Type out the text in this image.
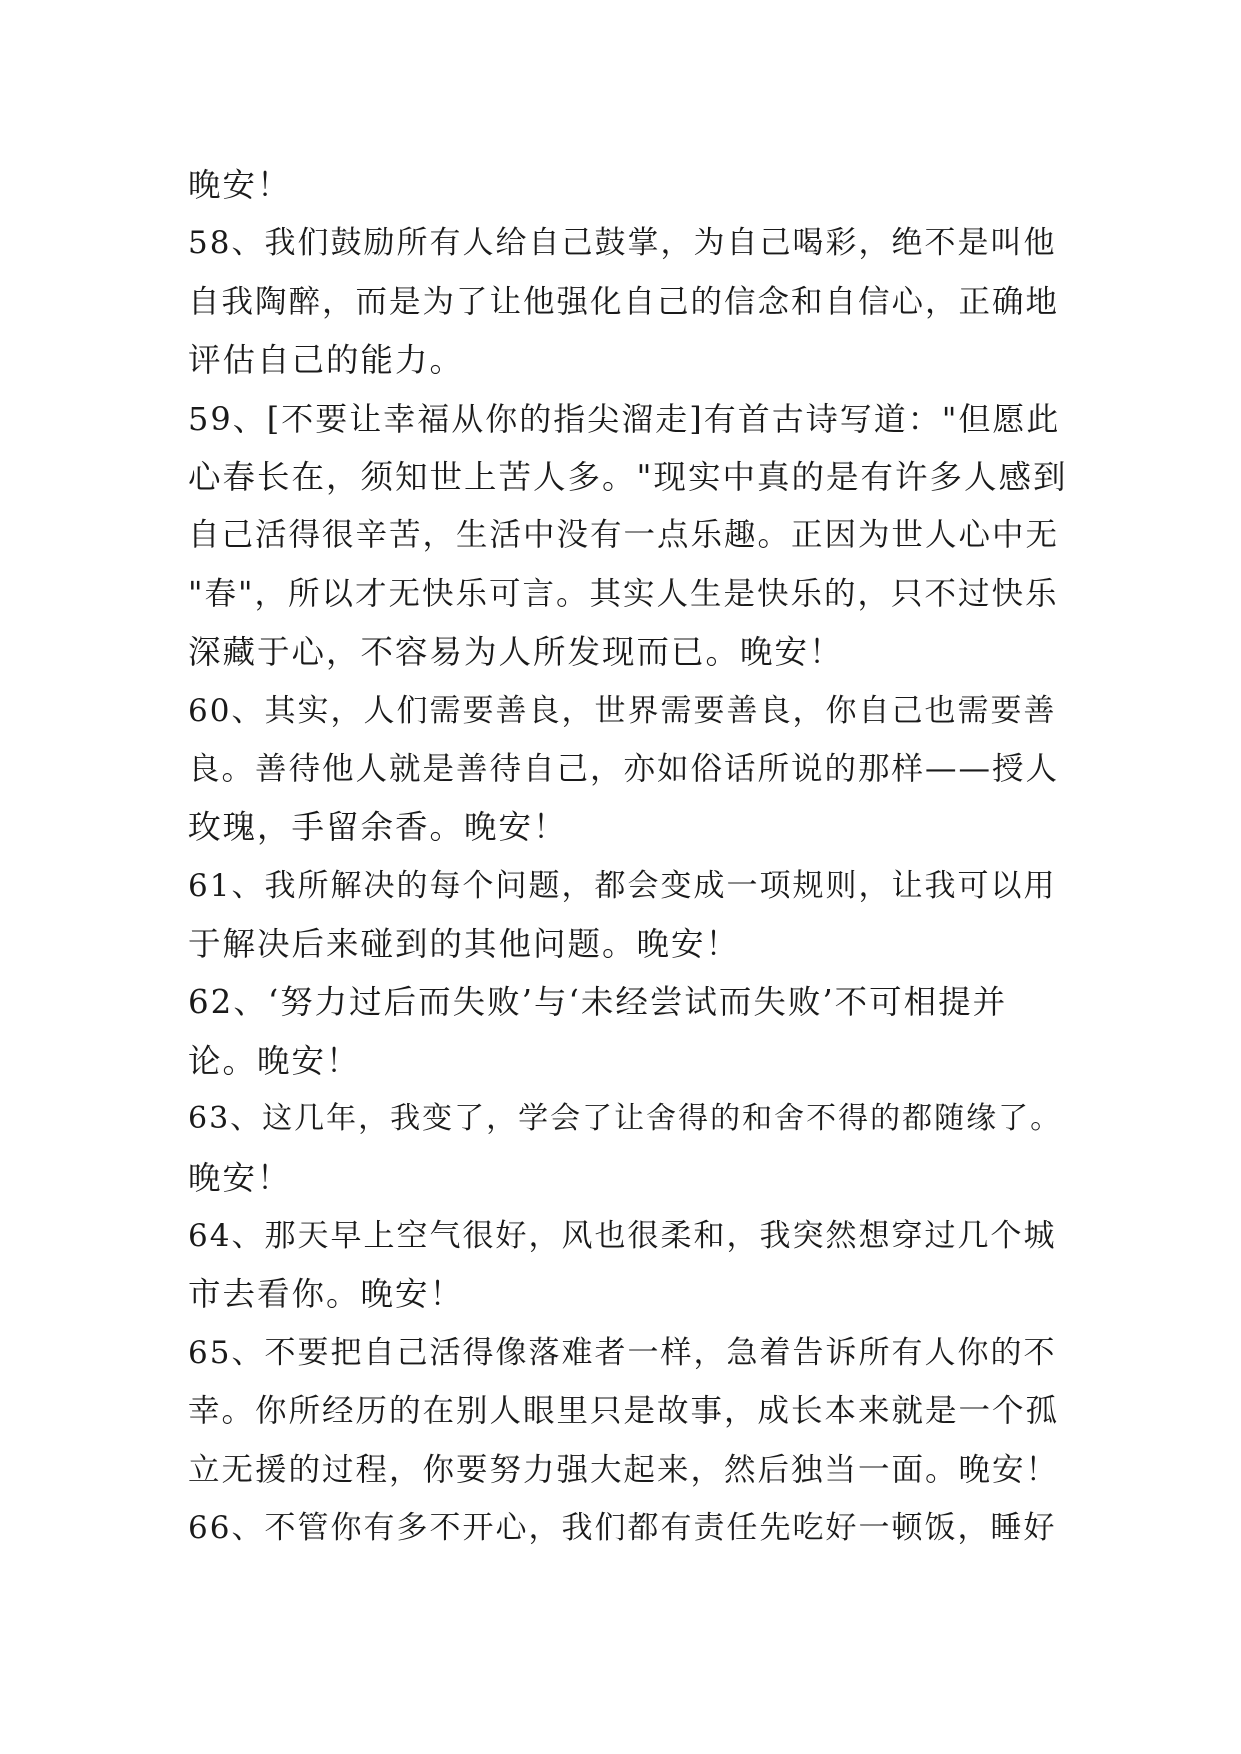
晚安！
58、我们鼓励所有人给自己鼓掌，为自己喝彩，绝不是叫他
自我陶醉，而是为了让他强化自己的信念和自信心，正确地
评估自己的能力。
59、[不要让幸福从你的指尖溜走]有首古诗写道："但愿此
心春长在，须知世上苦人多。"现实中真的是有许多人感到
自己活得很辛苦，生活中没有一点乐趣。正因为世人心中无
"春"，所以才无快乐可言。其实人生是快乐的，只不过快乐
深藏于心，不容易为人所发现而已。晚安！
60、其实，人们需要善良，世界需要善良，你自己也需要善
良。善待他人就是善待自己，亦如俗话所说的那样——授人
玫瑰，手留余香。晚安！
61、我所解决的每个问题，都会变成一项规则，让我可以用
于解决后来碰到的其他问题。晚安！
62、‘努力过后而失败’与‘未经尝试而失败’不可相提并
论。晚安！
63、这几年，我变了，学会了让舍得的和舍不得的都随缘了。
晚安！
64、那天早上空气很好，风也很柔和，我突然想穿过几个城
市去看你。晚安！
65、不要把自己活得像落难者一样，急着告诉所有人你的不
幸。你所经历的在别人眼里只是故事，成长本来就是一个孤
立无援的过程，你要努力强大起来，然后独当一面。晚安！
66、不管你有多不开心，我们都有责任先吃好一顿饭，睡好
